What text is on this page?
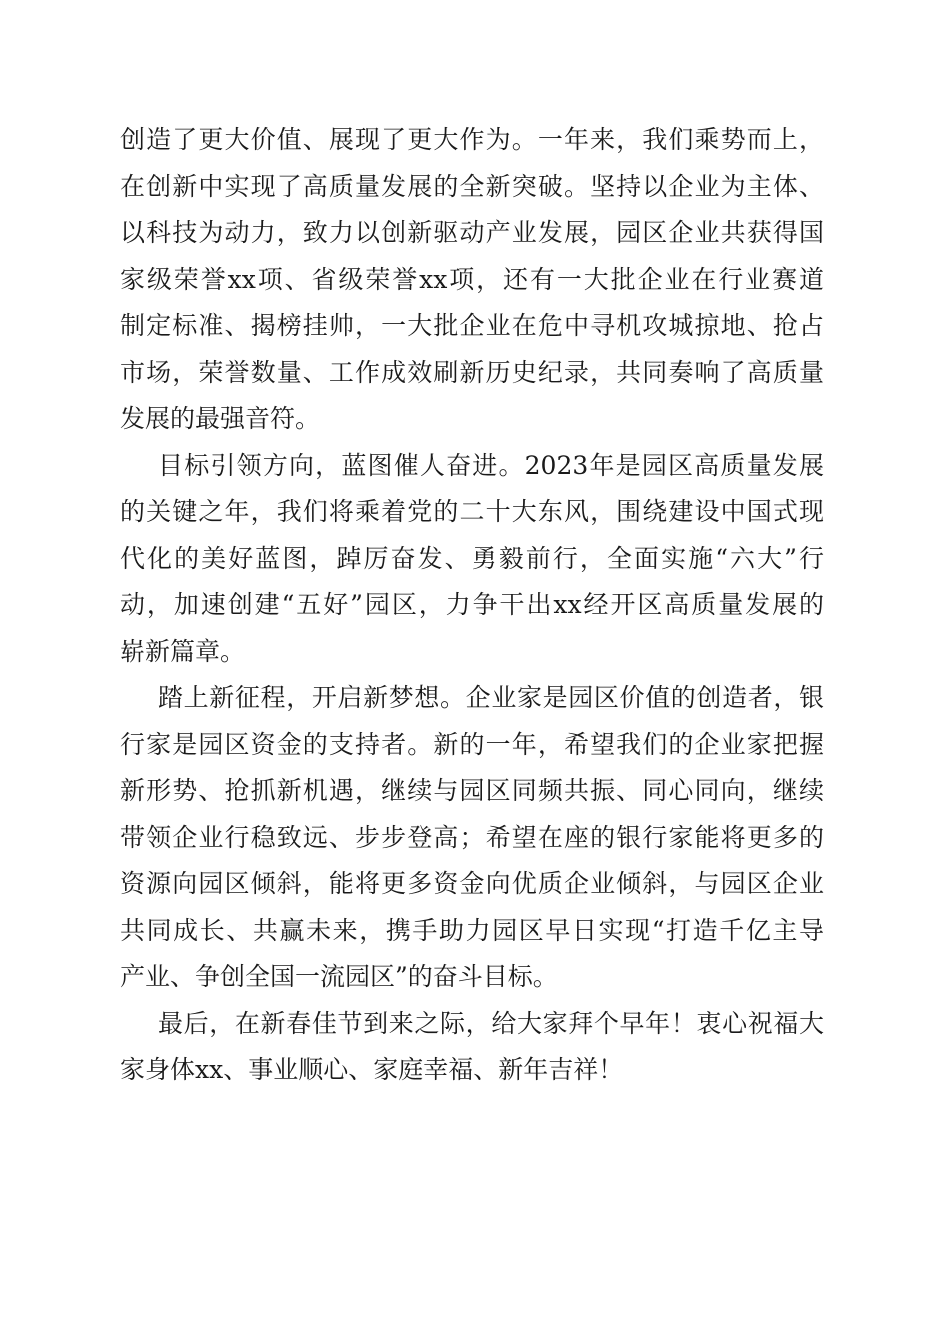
创造了更大价值、展现了更大作为。一年来，我们乘势而上，
在创新中实现了高质量发展的全新突破。坚持以企业为主体、
以科技为动力，致力以创新驱动产业发展，园区企业共获得国
家级荣誉xx项、省级荣誉xx项，还有一大批企业在行业赛道
制定标准、揭榜挂帅，一大批企业在危中寻机攻城掠地、抢占
市场，荣誉数量、工作成效刷新历史纪录，共同奏响了高质量
发展的最强音符。
目标引领方向，蓝图催人奋进。2023年是园区高质量发展
的关键之年，我们将乘着党的二十大东风，围绕建设中国式现
代化的美好蓝图，踔厉奋发、勇毅前行，全面实施“六大”行
动，加速创建“五好”园区，力争干出xx经开区高质量发展的
崭新篇章。
踏上新征程，开启新梦想。企业家是园区价值的创造者，银
行家是园区资金的支持者。新的一年，希望我们的企业家把握
新形势、抢抓新机遇，继续与园区同频共振、同心同向，继续
带领企业行稳致远、步步登高；希望在座的银行家能将更多的
资源向园区倾斜，能将更多资金向优质企业倾斜，与园区企业
共同成长、共赢未来，携手助力园区早日实现“打造千亿主导
产业、争创全国一流园区”的奋斗目标。
最后，在新春佳节到来之际，给大家拜个早年！衷心祝福大
家身体xx、事业顺心、家庭幸福、新年吉祥！
